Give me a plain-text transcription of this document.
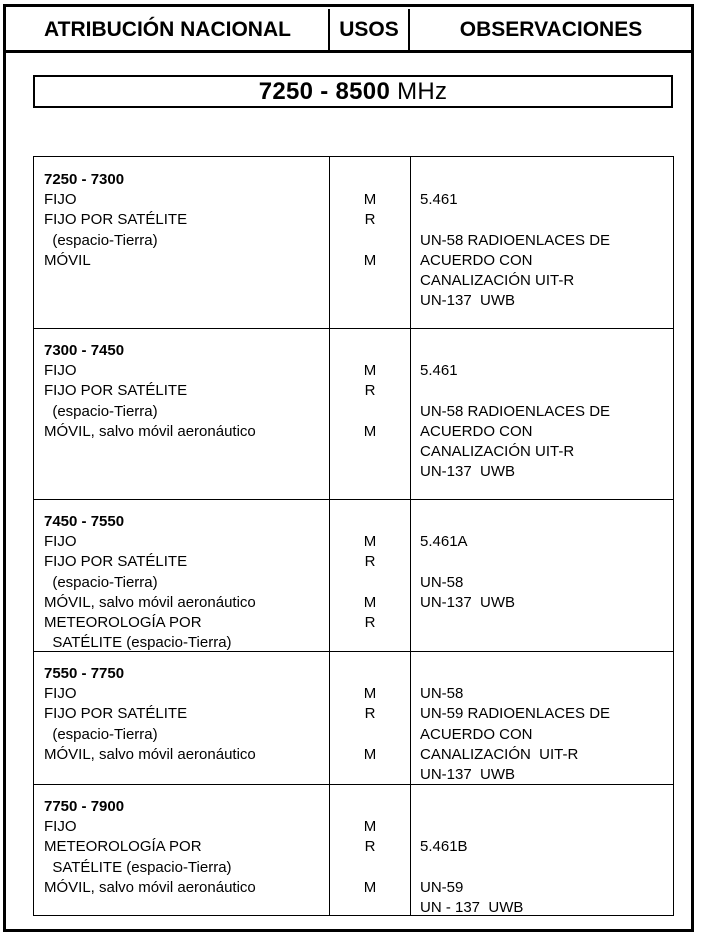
ATRIBUCIÓN NACIONAL	USOS	OBSERVACIONES
7250 - 8500
MHz
7250 - 7300
FIJO
FIJO POR SATÉLITE
(espacio-Tierra)
MÓVIL
M
R
M
5.461
UN-58 RADIOENLACES DE
ACUERDO CON
CANALIZACIÓN UIT-R
UN-137  UWB
7300 - 7450
FIJO
FIJO POR SATÉLITE
(espacio-Tierra)
MÓVIL, salvo móvil aeronáutico
M
R
M
5.461
UN-58 RADIOENLACES DE
ACUERDO CON
CANALIZACIÓN UIT-R
UN-137  UWB
7450 - 7550
FIJO
FIJO POR SATÉLITE
(espacio-Tierra)
MÓVIL, salvo móvil aeronáutico
METEOROLOGÍA POR
SATÉLITE (espacio-Tierra)
M
R
M
R
5.461A
UN-58
UN-137  UWB
7550 - 7750
FIJO
FIJO POR SATÉLITE
(espacio-Tierra)
MÓVIL, salvo móvil aeronáutico
M
R
M
UN-58
UN-59 RADIOENLACES DE
ACUERDO CON
CANALIZACIÓN  UIT-R
UN-137  UWB
7750 - 7900
FIJO
METEOROLOGÍA POR
SATÉLITE (espacio-Tierra)
MÓVIL, salvo móvil aeronáutico
M
R
M
5.461B
UN-59
UN - 137  UWB
